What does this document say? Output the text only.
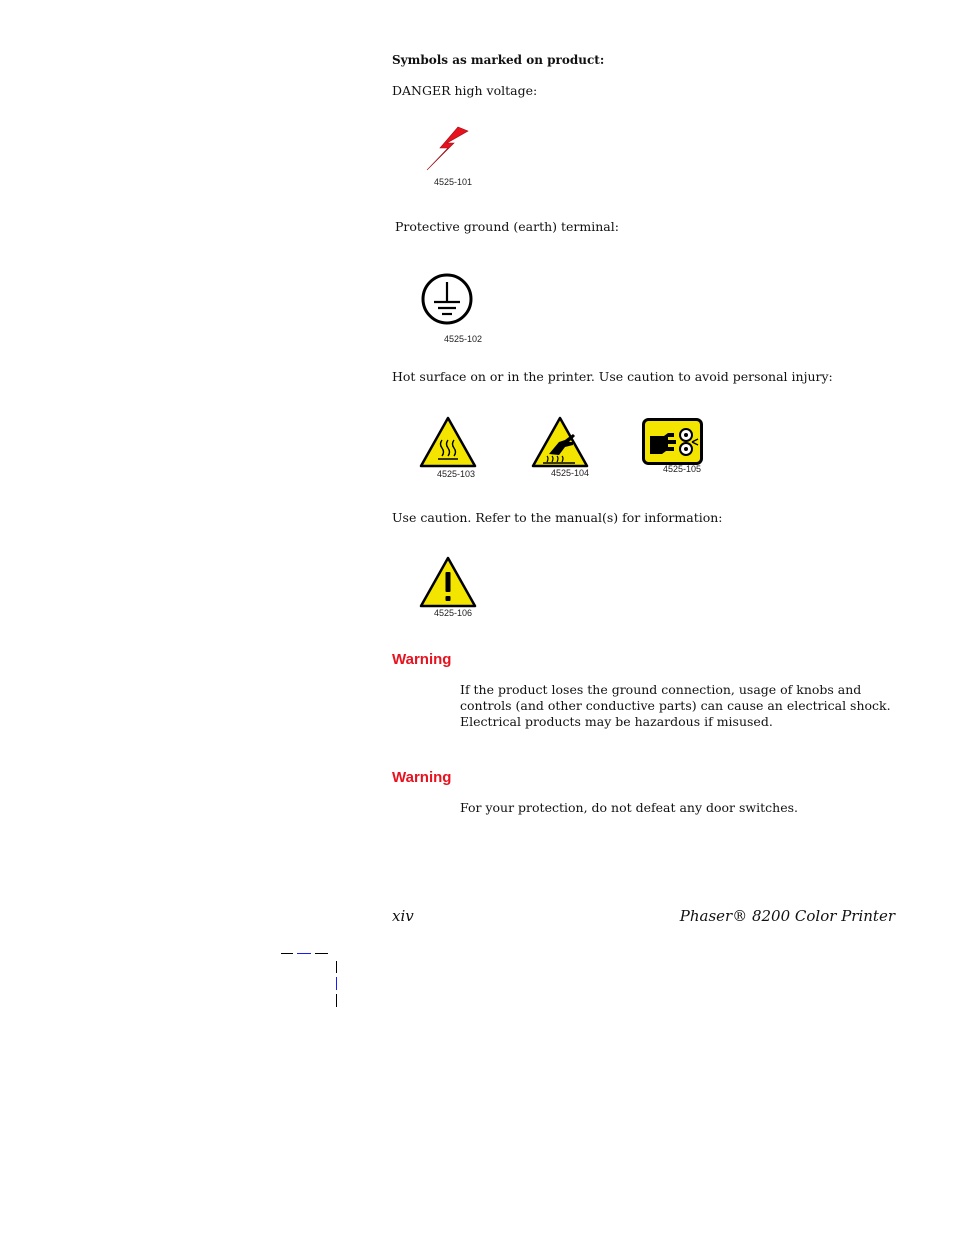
Symbols as marked on product:
DANGER high voltage:
4525-101
Protective ground (earth) terminal:
4525-102
Hot surface on or in the printer. Use caution to avoid personal injury:
4525-103	4525-104	4525-105
Use caution. Refer to the manual(s) for information:
4525-106
Warning
If the product loses the ground connection, usage of knobs and controls (and other conductive parts) can cause an electrical shock. Electrical products may be hazardous if misused.
Warning
For your protection, do not defeat any door switches.
xiv	Phaser® 8200 Color Printer
